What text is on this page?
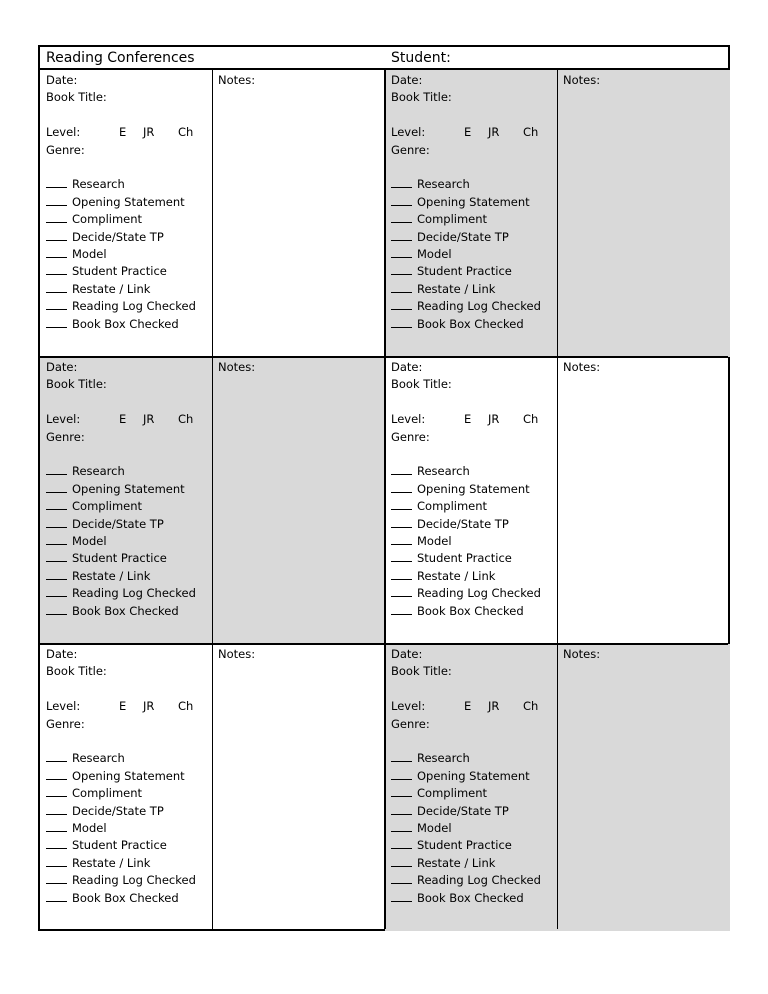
Reading Conferences	Student:
Date:
Book Title:
Level:	E JR Ch
Genre:
Research
Opening Statement
Compliment
Decide/State TP
Model
Student Practice
Restate / Link
Reading Log Checked
Book Box Checked
Notes:	Date:
Book Title:
Level:	E JR Ch
Genre:
Research
Opening Statement
Compliment
Decide/State TP
Model
Student Practice
Restate / Link
Reading Log Checked
Book Box Checked
Notes:
Date:
Book Title:
Level:	E JR Ch
Genre:
Research
Opening Statement
Compliment
Decide/State TP
Model
Student Practice
Restate / Link
Reading Log Checked
Book Box Checked
Notes:	Date:
Book Title:
Level:	E JR Ch
Genre:
Research
Opening Statement
Compliment
Decide/State TP
Model
Student Practice
Restate / Link
Reading Log Checked
Book Box Checked
Notes:
Date:
Book Title:
Level:	E JR Ch
Genre:
Research
Opening Statement
Compliment
Decide/State TP
Model
Student Practice
Restate / Link
Reading Log Checked
Book Box Checked
Notes:	Date:
Book Title:
Level:	E JR Ch
Genre:
Research
Opening Statement
Compliment
Decide/State TP
Model
Student Practice
Restate / Link
Reading Log Checked
Book Box Checked
Notes:
